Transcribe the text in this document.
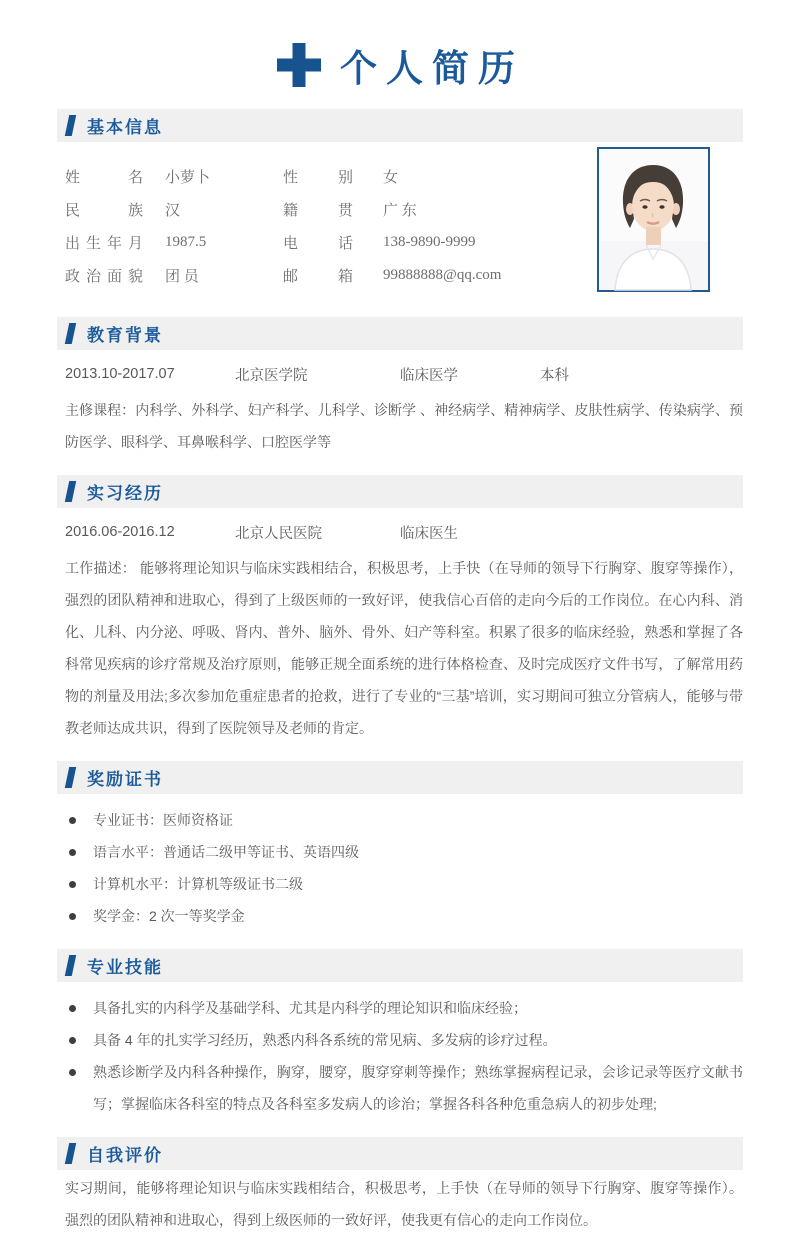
个人简历
基本信息
姓名 小萝卜	性别 女
民族 汉	籍贯 广 东
出生年月 1987.5	电话 138-9890-9999
政治面貌 团 员	邮箱 99888888@qq.com
教育背景
2013.10-2017.07	北京医学院	临床医学	本科

主修课程：内科学、外科学、妇产科学、儿科学、诊断学 、神经病学、精神病学、皮肤性病学、传染病学、预防医学、眼科学、耳鼻喉科学、口腔医学等

实习经历
2016.06-2016.12	北京人民医院	临床医生

工作描述： 能够将理论知识与临床实践相结合，积极思考，上手快（在导师的领导下行胸穿、腹穿等操作），强烈的团队精神和进取心，得到了上级医师的一致好评，使我信心百倍的走向今后的工作岗位。在心内科、消化、儿科、内分泌、呼吸、肾内、普外、脑外、骨外、妇产等科室。积累了很多的临床经验，熟悉和掌握了各科常见疾病的诊疗常规及治疗原则，能够正规全面系统的进行体格检查、及时完成医疗文件书写，了解常用药物的剂量及用法;多次参加危重症患者的抢救，进行了专业的“三基”培训，实习期间可独立分管病人，能够与带教老师达成共识，得到了医院领导及老师的肯定。

奖励证书
专业证书：医师资格证
语言水平：普通话二级甲等证书、英语四级
计算机水平：计算机等级证书二级
奖学金：2 次一等奖学金
专业技能
具备扎实的内科学及基础学科、尤其是内科学的理论知识和临床经验；
具备 4 年的扎实学习经历，熟悉内科各系统的常见病、多发病的诊疗过程。
熟悉诊断学及内科各种操作，胸穿，腰穿，腹穿穿刺等操作；熟练掌握病程记录，会诊记录等医疗文献书写；掌握临床各科室的特点及各科室多发病人的诊治；掌握各科各种危重急病人的初步处理;
自我评价

实习期间，能够将理论知识与临床实践相结合，积极思考，上手快（在导师的领导下行胸穿、腹穿等操作）。强烈的团队精神和进取心，得到上级医师的一致好评，使我更有信心的走向工作岗位。
